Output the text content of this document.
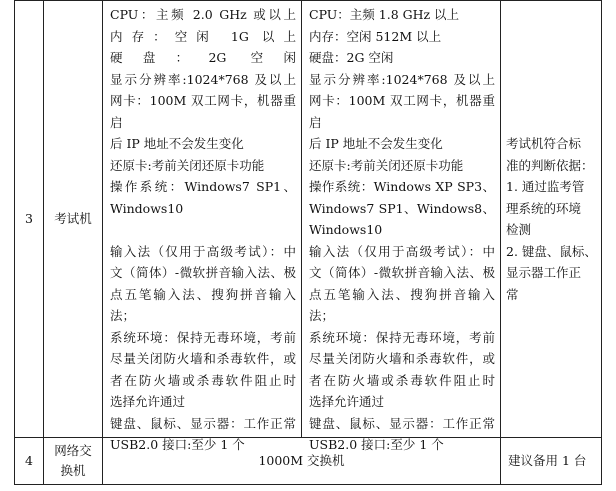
3 考试机

CPU：主频 2.0 GHz 或以上

内存：空闲 1G 以上

硬盘：2G 空闲

显示分辨率:1024*768 及以上

网卡：100M 双工网卡，机器重启

后 IP 地址不会发生变化

还原卡:考前关闭还原卡功能

操作系统：Windows7 SP1、

Windows10

输入法（仅用于高级考试）：中

文（简体）-微软拼音输入法、极

点五笔输入法、搜狗拼音输入

法；

系统环境：保持无毒环境，考前

尽量关闭防火墙和杀毒软件，或

者在防火墙或杀毒软件阻止时

选择允许通过

键盘、鼠标、显示器：工作正常

USB2.0 接口:至少 1 个

CPU：主频 1.8 GHz 以上

内存：空闲 512M 以上

硬盘：2G 空闲

显示分辨率:1024*768 及以上

网卡：100M 双工网卡，机器重启

后 IP 地址不会发生变化

还原卡:考前关闭还原卡功能

操作系统：Windows XP SP3、

Windows7 SP1、Windows8、

Windows10

输入法（仅用于高级考试）：中

文（简体）-微软拼音输入法、极

点五笔输入法、搜狗拼音输入

法；

系统环境：保持无毒环境，考前

尽量关闭防火墙和杀毒软件，或

者在防火墙或杀毒软件阻止时

选择允许通过

键盘、鼠标、显示器：工作正常

USB2.0 接口:至少 1 个

考试机符合标

准的判断依据：

1. 通过监考管

理系统的环境

检测

2. 键盘、鼠标、

显示器工作正

常

4
网络交
换机
1000M 交换机	建议备用 1 台
